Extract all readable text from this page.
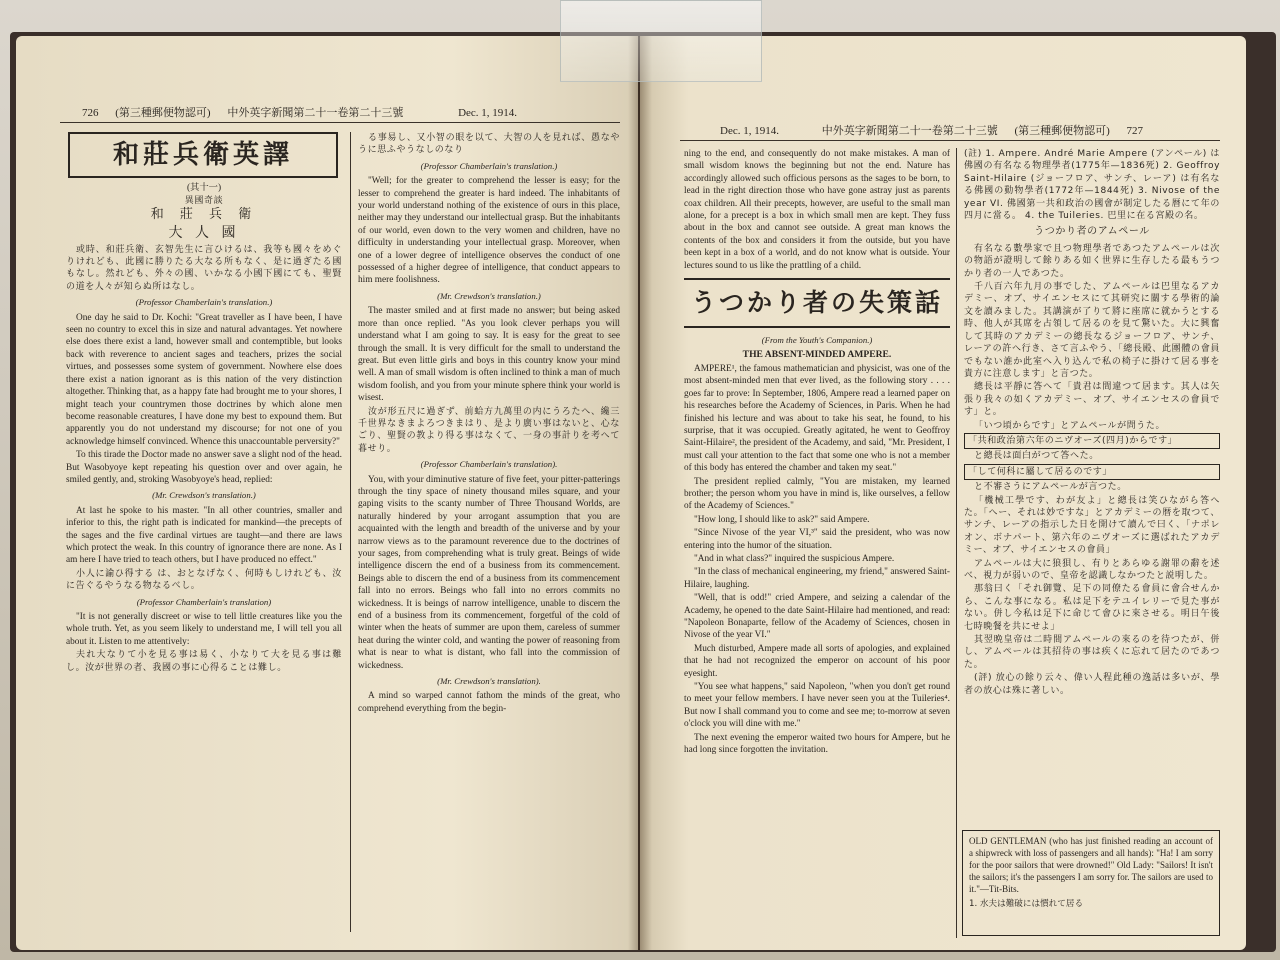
726 (第三種郵便物認可) 中外英字新聞第二十一卷第二十三號	Dec. 1, 1914.
和莊兵衛英譯

(其十一)

異國奇談

和 莊 兵 衛

大 人 國

或時、和莊兵衛、玄智先生に言ひけるは、我等も國々をめぐりけれども、此國に勝りたる大なる所もなく、是に過ぎたる國もなし。然れども、外々の國、いかなる小國下國にても、聖賢の道を人々が知らぬ所はなし。

(Professor Chamberlain's translation.)

One day he said to Dr. Kochi: "Great traveller as I have been, I have seen no country to excel this in size and natural advantages. Yet nowhere else does there exist a land, however small and contemptible, but looks back with reverence to ancient sages and teachers, prizes the social virtues, and possesses some system of government. Nowhere else does there exist a nation ignorant as is this nation of the very distinction altogether. Thinking that, as a happy fate had brought me to your shores, I might teach your countrymen those doctrines by which alone men become reasonable creatures, I have done my best to expound them. But apparently you do not understand my discourse; for not one of you acknowledge himself convinced. Whence this unaccountable perversity?"

To this tirade the Doctor made no answer save a slight nod of the head. But Wasobyoye kept repeating his question over and over again, he smiled gently, and, stroking Wasobyoye's head, replied:

(Mr. Crewdson's translation.)

At last he spoke to his master. "In all other countries, smaller and inferior to this, the right path is indicated for mankind—the precepts of the sages and the five cardinal virtues are taught—and there are laws which protect the weak. In this country of ignorance there are none. As I am here I have tried to teach others, but I have produced no effect."

小人に諭ひ得する は、おとなげなく、何時もしけれども、汝に告ぐるやうなる物なるべし。

(Professor Chamberlain's translation)

"It is not generally discreet or wise to tell little creatures like you the whole truth. Yet, as you seem likely to understand me, I will tell you all about it. Listen to me attentively:

夫れ大なりて小を見る事は易く、小なりて大を見る事は難し。汝が世界の者、我國の事に心得ることは難し。

る事易し、又小智の眼を以て、大智の人を見れば、愚なやうに思ふやうなしのなり

(Professor Chamberlain's translation.)

"Well; for the greater to comprehend the lesser is easy; for the lesser to comprehend the greater is hard indeed. The inhabitants of your world understand nothing of the existence of ours in this place, neither may they understand our intellectual grasp. But the inhabitants of our world, even down to the very women and children, have no difficulty in understanding your intellectual grasp. Moreover, when one of a lower degree of intelligence observes the conduct of one possessed of a higher degree of intelligence, that conduct appears to him mere foolishness.

(Mr. Crewdson's translation.)

The master smiled and at first made no answer; but being asked more than once replied. "As you look clever perhaps you will understand what I am going to say. It is easy for the great to see through the small. It is very difficult for the small to understand the great. But even little girls and boys in this country know your mind well. A man of small wisdom is often inclined to think a man of much wisdom foolish, and you from your minute sphere think your world is wisest.

汝が形五尺に過ぎず、前蛤方九萬里の内にうろたへ、纔三千世界なきまよろつきまはり、是より廣い事はないと、心なごり、聖賢の教より得る事はなくて、一身の事計りを考へて暮せり。

(Professor Chamberlain's translation).

You, with your diminutive stature of five feet, your pitter-patterings through the tiny space of ninety thousand miles square, and your gaping visits to the scanty number of Three Thousand Worlds, are naturally hindered by your arrogant assumption that you are acquainted with the length and breadth of the universe and by your narrow views as to the paramount reverence due to the doctrines of your sages, from comprehending what is truly great. Beings of wide intelligence discern the end of a business from its commencement. Beings able to discern the end of a business from its commencement fall into no errors. Beings who fall into no errors commits no wickedness. It is beings of narrow intelligence, unable to discern the end of a business from its commencement, forgetful of the cold of winter when the heats of summer are upon them, careless of summer heat during the winter cold, and wanting the power of reasoning from what is near to what is distant, who fall into the commission of wickedness.

(Mr. Crewdson's translation).

A mind so warped cannot fathom the minds of the great, who comprehend everything from the begin-

Dec. 1, 1914.	中外英字新聞第二十一卷第二十三號 (第三種郵便物認可) 727

ning to the end, and consequently do not make mistakes. A man of small wisdom knows the beginning but not the end. Nature has accordingly allowed such officious persons as the sages to be born, to lead in the right direction those who have gone astray just as parents coax children. All their precepts, however, are useful to the small man alone, for a precept is a box in which small men are kept. They fuss about in the box and cannot see outside. A great man knows the contents of the box and considers it from the outside, but you have been kept in a box of a world, and do not know what is outside. Your lectures sound to us like the prattling of a child.

うつかり者の失策話

(From the Youth's Companion.)

THE ABSENT-MINDED AMPERE.

AMPERE¹, the famous mathematician and physicist, was one of the most absent-minded men that ever lived, as the following story . . . . goes far to prove: In September, 1806, Ampere read a learned paper on his researches before the Academy of Sciences, in Paris. When he had finished his lecture and was about to take his seat, he found, to his surprise, that it was occupied. Greatly agitated, he went to Geoffroy Saint-Hilaire², the president of the Academy, and said, "Mr. President, I must call your attention to the fact that some one who is not a member of this body has entered the chamber and taken my seat."

The president replied calmly, "You are mistaken, my learned brother; the person whom you have in mind is, like ourselves, a fellow of the Academy of Sciences."

"How long, I should like to ask?" said Ampere.

"Since Nivose of the year VI,³" said the president, who was now entering into the humor of the situation.

"And in what class?" inquired the suspicious Ampere.

"In the class of mechanical engineering, my friend," answered Saint-Hilaire, laughing.

"Well, that is odd!" cried Ampere, and seizing a calendar of the Academy, he opened to the date Saint-Hilaire had mentioned, and read: "Napoleon Bonaparte, fellow of the Academy of Sciences, chosen in Nivose of the year VI."

Much disturbed, Ampere made all sorts of apologies, and explained that he had not recognized the emperor on account of his poor eyesight.

"You see what happens," said Napoleon, "when you don't get round to meet your fellow members. I have never seen you at the Tuileries⁴. But now I shall command you to come and see me; to-morrow at seven o'clock you will dine with me."

The next evening the emperor waited two hours for Ampere, but he had long since forgotten the invitation.

(註) 1. Ampere. André Marie Ampere (アンペール) は佛國の有名なる物理學者(1775年—1836死) 2. Geoffroy Saint-Hilaire (ジョーフロア、サンチ、レーア) は有名なる佛國の動物學者(1772年—1844死) 3. Nivose of the year VI. 佛國第一共和政治の國會が制定したる暦にて年の四月に當る。 4. the Tuileries. 巴里に在る宮殿の名。

うつかり者のアムペール

有名なる數學家で且つ物理學者であつたアムペールは次の物語が證明して餘りある如く世界に生存したる最もうつかり者の一人であつた。

千八百六年九月の事でした、アムペールは巴里なるアカデミー、オブ、サイエンセスにて其研究に關する學術的論文を讀みました。其講演が了りて將に座席に就かうとする時、他人が其席を占領して居るのを見て驚いた。大に興奮して其時のアカデミーの總長なるジョーフロア、サンチ、レーアの許へ行き、さて言ふやう、「總長殿、此團體の會員でもない誰か此室へ入り込んで私の椅子に掛けて居る事を貴方に注意します」と言つた。

總長は平靜に答へて「貴君は間違つて居ます。其人は矢張り我々の如くアカデミー、オブ、サイエンセスの會員です」と。

「いつ頃からです」とアムペールが問うた。

「共和政治第六年のニヴオーズ(四月)からです」

と總長は面白がつて答へた。

「して何科に屬して居るのです」

と不審さうにアムペールが言つた。

「機械工學です、わが友よ」と總長は笑ひながら答へた。「へー、それは妙ですな」とアカデミーの暦を取つて、サンチ、レーアの指示した日を開けて讀んで曰く、「ナポレオン、ボナパート、第六年のニヴオーズに選ばれたアカデミー、オブ、サイエンセスの會員」

アムペールは大に狼狽し、有りとあらゆる謝罪の辭を述べ、視力が弱いので、皇帝を認識しなかつたと説明した。

那翁曰く「それ御覽、足下の同僚たる會員に會合せんから、こんな事になる。私は足下をテユイレリーで見た事がない。併し今私は足下に命じて會ひに來させる。明日午後七時晩餐を共にせよ」

其翌晩皇帝は二時間アムペールの來るのを待つたが、併し、アムペールは其招待の事は疾くに忘れて居たのであつた。

(評) 放心の餘り云々、偉い人程此種の逸話は多いが、學者の放心は殊に著しい。

OLD GENTLEMAN (who has just finished reading an account of a shipwreck with loss of passengers and all hands): "Ha! I am sorry for the poor sailors that were drowned!" Old Lady: "Sailors! It isn't the sailors; it's the passengers I am sorry for. The sailors are used to it."—Tit-Bits.
1. 水夫は難破には慣れて居る
